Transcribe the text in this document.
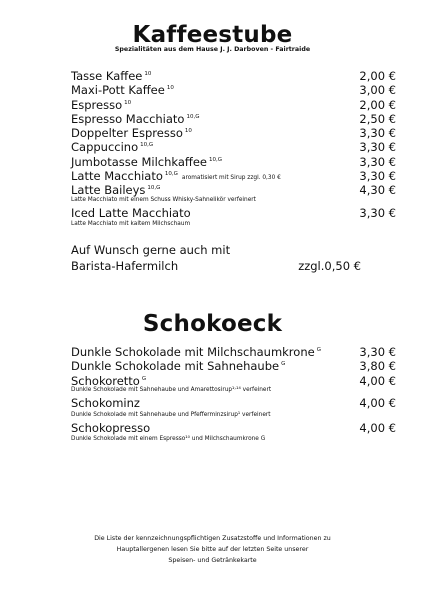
Kaffeestube
Spezialitäten aus dem Hause J. J. Darboven - Fairtraide
Tasse Kaffee $^{10}$	2,00 €
Maxi-Pott Kaffee $^{10}$	3,00 €
Espresso $^{10}$	2,00 €
Espresso Macchiato $^{10,G}$	2,50 €
Doppelter Espresso $^{10}$	3,30 €
Cappuccino $^{10,G}$	3,30 €
Jumbotasse Milchkaffee $^{10,G}$	3,30 €
Latte Macchiato $^{10,G}$aromatisiert mit Sirup zzgl. 0,30 €	3,30 €
Latte Baileys $^{10,G}$	4,30 €
Latte Macchiato mit einem Schuss Whisky-Sahnelikör verfeinert
Iced Latte Macchiato	3,30 €
Latte Macchiato mit kaltem Milchschaum
Auf Wunsch gerne auch mit
Barista-Hafermilch	zzgl.0,50 €
Schokoeck
Dunkle Schokolade mit Milchschaumkrone $^G$	3,30 €
Dunkle Schokolade mit Sahnehaube $^G$	3,80 €
Schokoretto $^G$	4,00 €
Dunkle Schokolade mit Sahnehaube und Amarettosirup¹˒¹⁴ verfeinert
Schokominz	4,00 €
Dunkle Schokolade mit Sahnehaube und Pfefferminzsirup¹ verfeinert
Schokopresso	4,00 €
Dunkle Schokolade mit einem Espresso¹⁰ und Milchschaumkrone G
Die Liste der kennzeichnungspflichtigen Zusatzstoffe und Informationen zu
Hauptallergenen lesen Sie bitte auf der letzten Seite unserer
Speisen- und Getränkekarte
